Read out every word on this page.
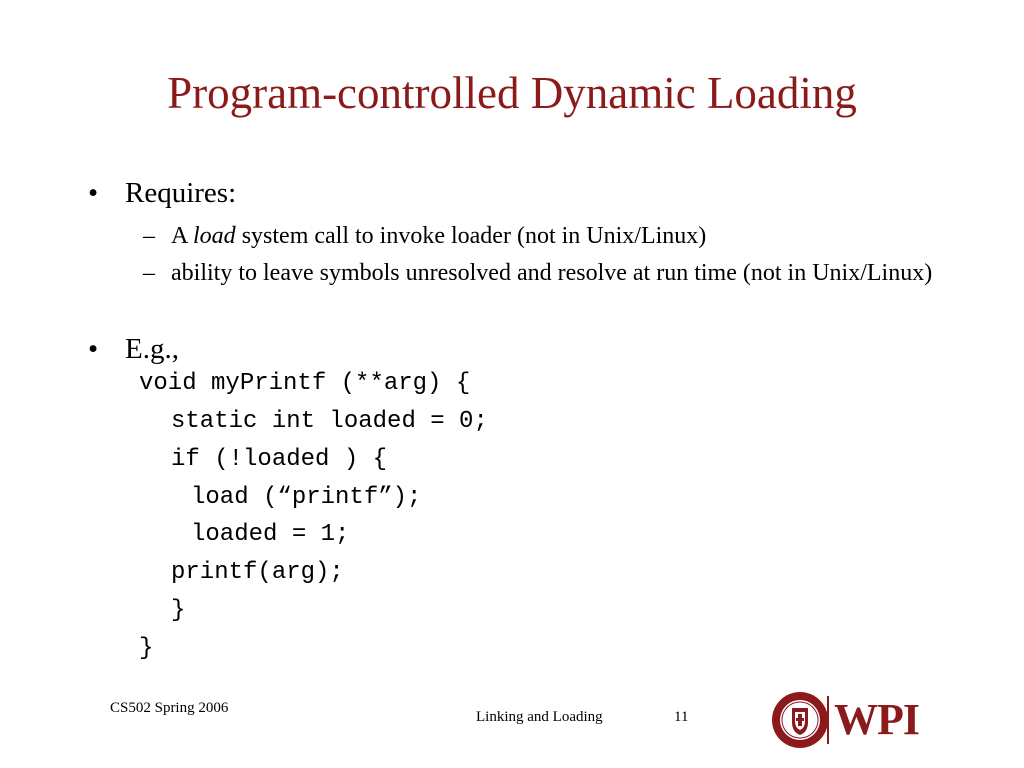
Program-controlled Dynamic Loading
• Requires:
– A load system call to invoke loader (not in Unix/Linux)
– ability to leave symbols unresolved and resolve at run time (not in Unix/Linux)
• E.g.,
void myPrintf (**arg) {
static int loaded = 0;
if (!loaded ) {
load (“printf”);
loaded = 1;
printf(arg);
}
}
CS502 Spring 2006
Linking and Loading	11	WPI
